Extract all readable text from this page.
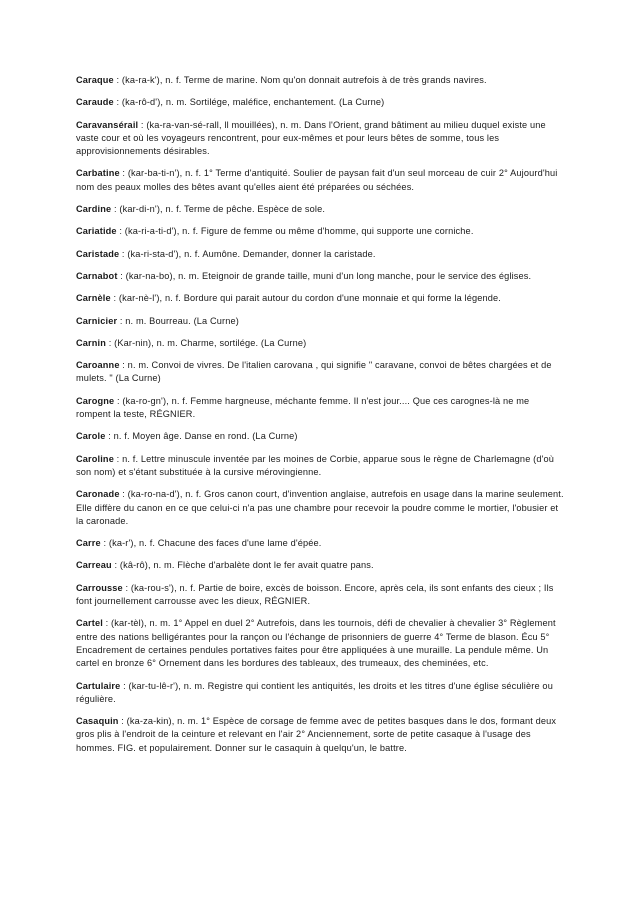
Caraque : (ka-ra-k'), n. f. Terme de marine. Nom qu'on donnait autrefois à de très grands navires.

Caraude : (ka-rô-d'), n. m. Sortilége, maléfice, enchantement. (La Curne)

Caravansérail : (ka-ra-van-sé-rall, ll mouillées), n. m. Dans l'Orient, grand bâtiment au milieu duquel existe une vaste cour et où les voyageurs rencontrent, pour eux-mêmes et pour leurs bêtes de somme, tous les approvisionnements désirables.

Carbatine : (kar-ba-ti-n'), n. f. 1° Terme d'antiquité. Soulier de paysan fait d'un seul morceau de cuir 2° Aujourd'hui nom des peaux molles des bêtes avant qu'elles aient été préparées ou séchées.

Cardine : (kar-di-n'), n. f. Terme de pêche. Espèce de sole.

Cariatide : (ka-ri-a-ti-d'), n. f. Figure de femme ou même d'homme, qui supporte une corniche.

Caristade : (ka-ri-sta-d'), n. f. Aumône. Demander, donner la caristade.

Carnabot : (kar-na-bo), n. m. Eteignoir de grande taille, muni d'un long manche, pour le service des églises.

Carnèle : (kar-nè-l'), n. f. Bordure qui parait autour du cordon d'une monnaie et qui forme la légende.

Carnicier : n. m. Bourreau. (La Curne)

Carnin : (Kar-nin), n. m. Charme, sortilége. (La Curne)

Caroanne : n. m. Convoi de vivres. De l'italien carovana , qui signifie " caravane, convoi de bêtes chargées et de mulets. " (La Curne)

Carogne : (ka-ro-gn'), n. f. Femme hargneuse, méchante femme. Il n'est jour.... Que ces carognes-là ne me rompent la teste, RÉGNIER.

Carole : n. f. Moyen âge. Danse en rond. (La Curne)

Caroline : n. f. Lettre minuscule inventée par les moines de Corbie, apparue sous le règne de Charlemagne (d'où son nom) et s'étant substituée à la cursive mérovingienne.

Caronade : (ka-ro-na-d'), n. f. Gros canon court, d'invention anglaise, autrefois en usage dans la marine seulement. Elle diffère du canon en ce que celui-ci n'a pas une chambre pour recevoir la poudre comme le mortier, l'obusier et la caronade.

Carre : (ka-r'), n. f. Chacune des faces d'une lame d'épée.

Carreau : (kâ-rô), n. m. Flèche d'arbalète dont le fer avait quatre pans.

Carrousse : (ka-rou-s'), n. f. Partie de boire, excès de boisson. Encore, après cela, ils sont enfants des cieux ; Ils font journellement carrousse avec les dieux, RÉGNIER.

Cartel : (kar-tèl), n. m. 1° Appel en duel 2° Autrefois, dans les tournois, défi de chevalier à chevalier 3° Règlement entre des nations belligérantes pour la rançon ou l'échange de prisonniers de guerre 4° Terme de blason. Écu 5° Encadrement de certaines pendules portatives faites pour être appliquées à une muraille. La pendule même. Un cartel en bronze 6° Ornement dans les bordures des tableaux, des trumeaux, des cheminées, etc.

Cartulaire : (kar-tu-lê-r'), n. m. Registre qui contient les antiquités, les droits et les titres d'une église séculière ou régulière.

Casaquin : (ka-za-kin), n. m. 1° Espèce de corsage de femme avec de petites basques dans le dos, formant deux gros plis à l'endroit de la ceinture et relevant en l'air 2° Anciennement, sorte de petite casaque à l'usage des hommes. FIG. et populairement. Donner sur le casaquin à quelqu'un, le battre.
